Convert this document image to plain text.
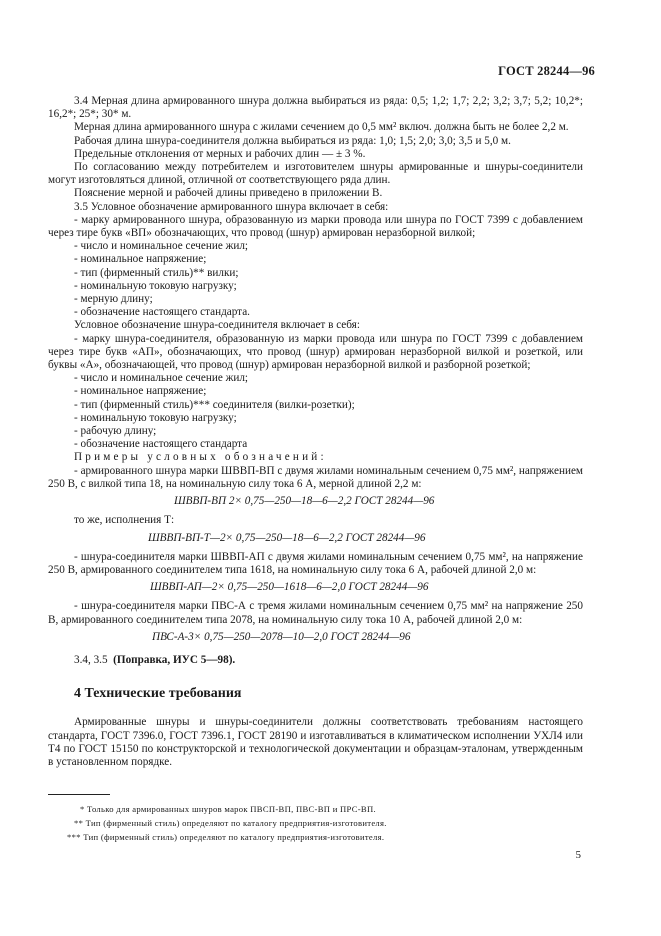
ГОСТ 28244—96

3.4 Мерная длина армированного шнура должна выбираться из ряда: 0,5; 1,2; 1,7; 2,2; 3,2; 3,7; 5,2; 10,2*; 16,2*; 25*; 30* м.

Мерная длина армированного шнура с жилами сечением до 0,5 мм² включ. должна быть не более 2,2 м.

Рабочая длина шнура-соединителя должна выбираться из ряда: 1,0; 1,5; 2,0; 3,0; 3,5 и 5,0 м.

Предельные отклонения от мерных и рабочих длин — ± 3 %.

По согласованию между потребителем и изготовителем шнуры армированные и шнуры-соединители могут изготовляться длиной, отличной от соответствующего ряда длин.

Пояснение мерной и рабочей длины приведено в приложении В.

3.5 Условное обозначение армированного шнура включает в себя:

- марку армированного шнура, образованную из марки провода или шнура по ГОСТ 7399 с добавлением через тире букв «ВП» обозначающих, что провод (шнур) армирован неразборной вилкой;

- число и номинальное сечение жил;

- номинальное напряжение;

- тип (фирменный стиль)** вилки;

- номинальную токовую нагрузку;

- мерную длину;

- обозначение настоящего стандарта.

Условное обозначение шнура-соединителя включает в себя:

- марку шнура-соединителя, образованную из марки провода или шнура по ГОСТ 7399 с добавлением через тире букв «АП», обозначающих, что провод (шнур) армирован неразборной вилкой и розеткой, или буквы «А», обозначающей, что провод (шнур) армирован неразборной вилкой и разборной розеткой;

- число и номинальное сечение жил;

- номинальное напряжение;

- тип (фирменный стиль)*** соединителя (вилки-розетки);

- номинальную токовую нагрузку;

- рабочую длину;

- обозначение настоящего стандарта

Примеры условных обозначений:

- армированного шнура марки ШВВП-ВП с двумя жилами номинальным сечением 0,75 мм², напряжением 250 В, с вилкой типа 18, на номинальную силу тока 6 А, мерной длиной 2,2 м:

ШВВП-ВП 2× 0,75—250—18—6—2,2 ГОСТ 28244—96

то же, исполнения Т:

ШВВП-ВП-Т—2× 0,75—250—18—6—2,2 ГОСТ 28244—96

- шнура-соединителя марки ШВВП-АП с двумя жилами номинальным сечением 0,75 мм², на напряжение 250 В, армированного соединителем типа 1618, на номинальную силу тока 6 А, рабочей длиной 2,0 м:

ШВВП-АП—2× 0,75—250—1618—6—2,0 ГОСТ 28244—96

- шнура-соединителя марки ПВС-А с тремя жилами номинальным сечением 0,75 мм² на напряжение 250 В, армированного соединителем типа 2078, на номинальную силу тока 10 А, рабочей длиной 2,0 м:

ПВС-А-3× 0,75—250—2078—10—2,0 ГОСТ 28244—96

3.4, 3.5 (Поправка, ИУС 5—98).

4 Технические требования

Армированные шнуры и шнуры-соединители должны соответствовать требованиям настоящего стандарта, ГОСТ 7396.0, ГОСТ 7396.1, ГОСТ 28190 и изготавливаться в климатическом исполнении УХЛ4 или Т4 по ГОСТ 15150 по конструкторской и технологической документации и образцам-эталонам, утвержденным в установленном порядке.

* Только для армированных шнуров марок ПВСП-ВП, ПВС-ВП и ПРС-ВП.
** Тип (фирменный стиль) определяют по каталогу предприятия-изготовителя.
*** Тип (фирменный стиль) определяют по каталогу предприятия-изготовителя.
5
